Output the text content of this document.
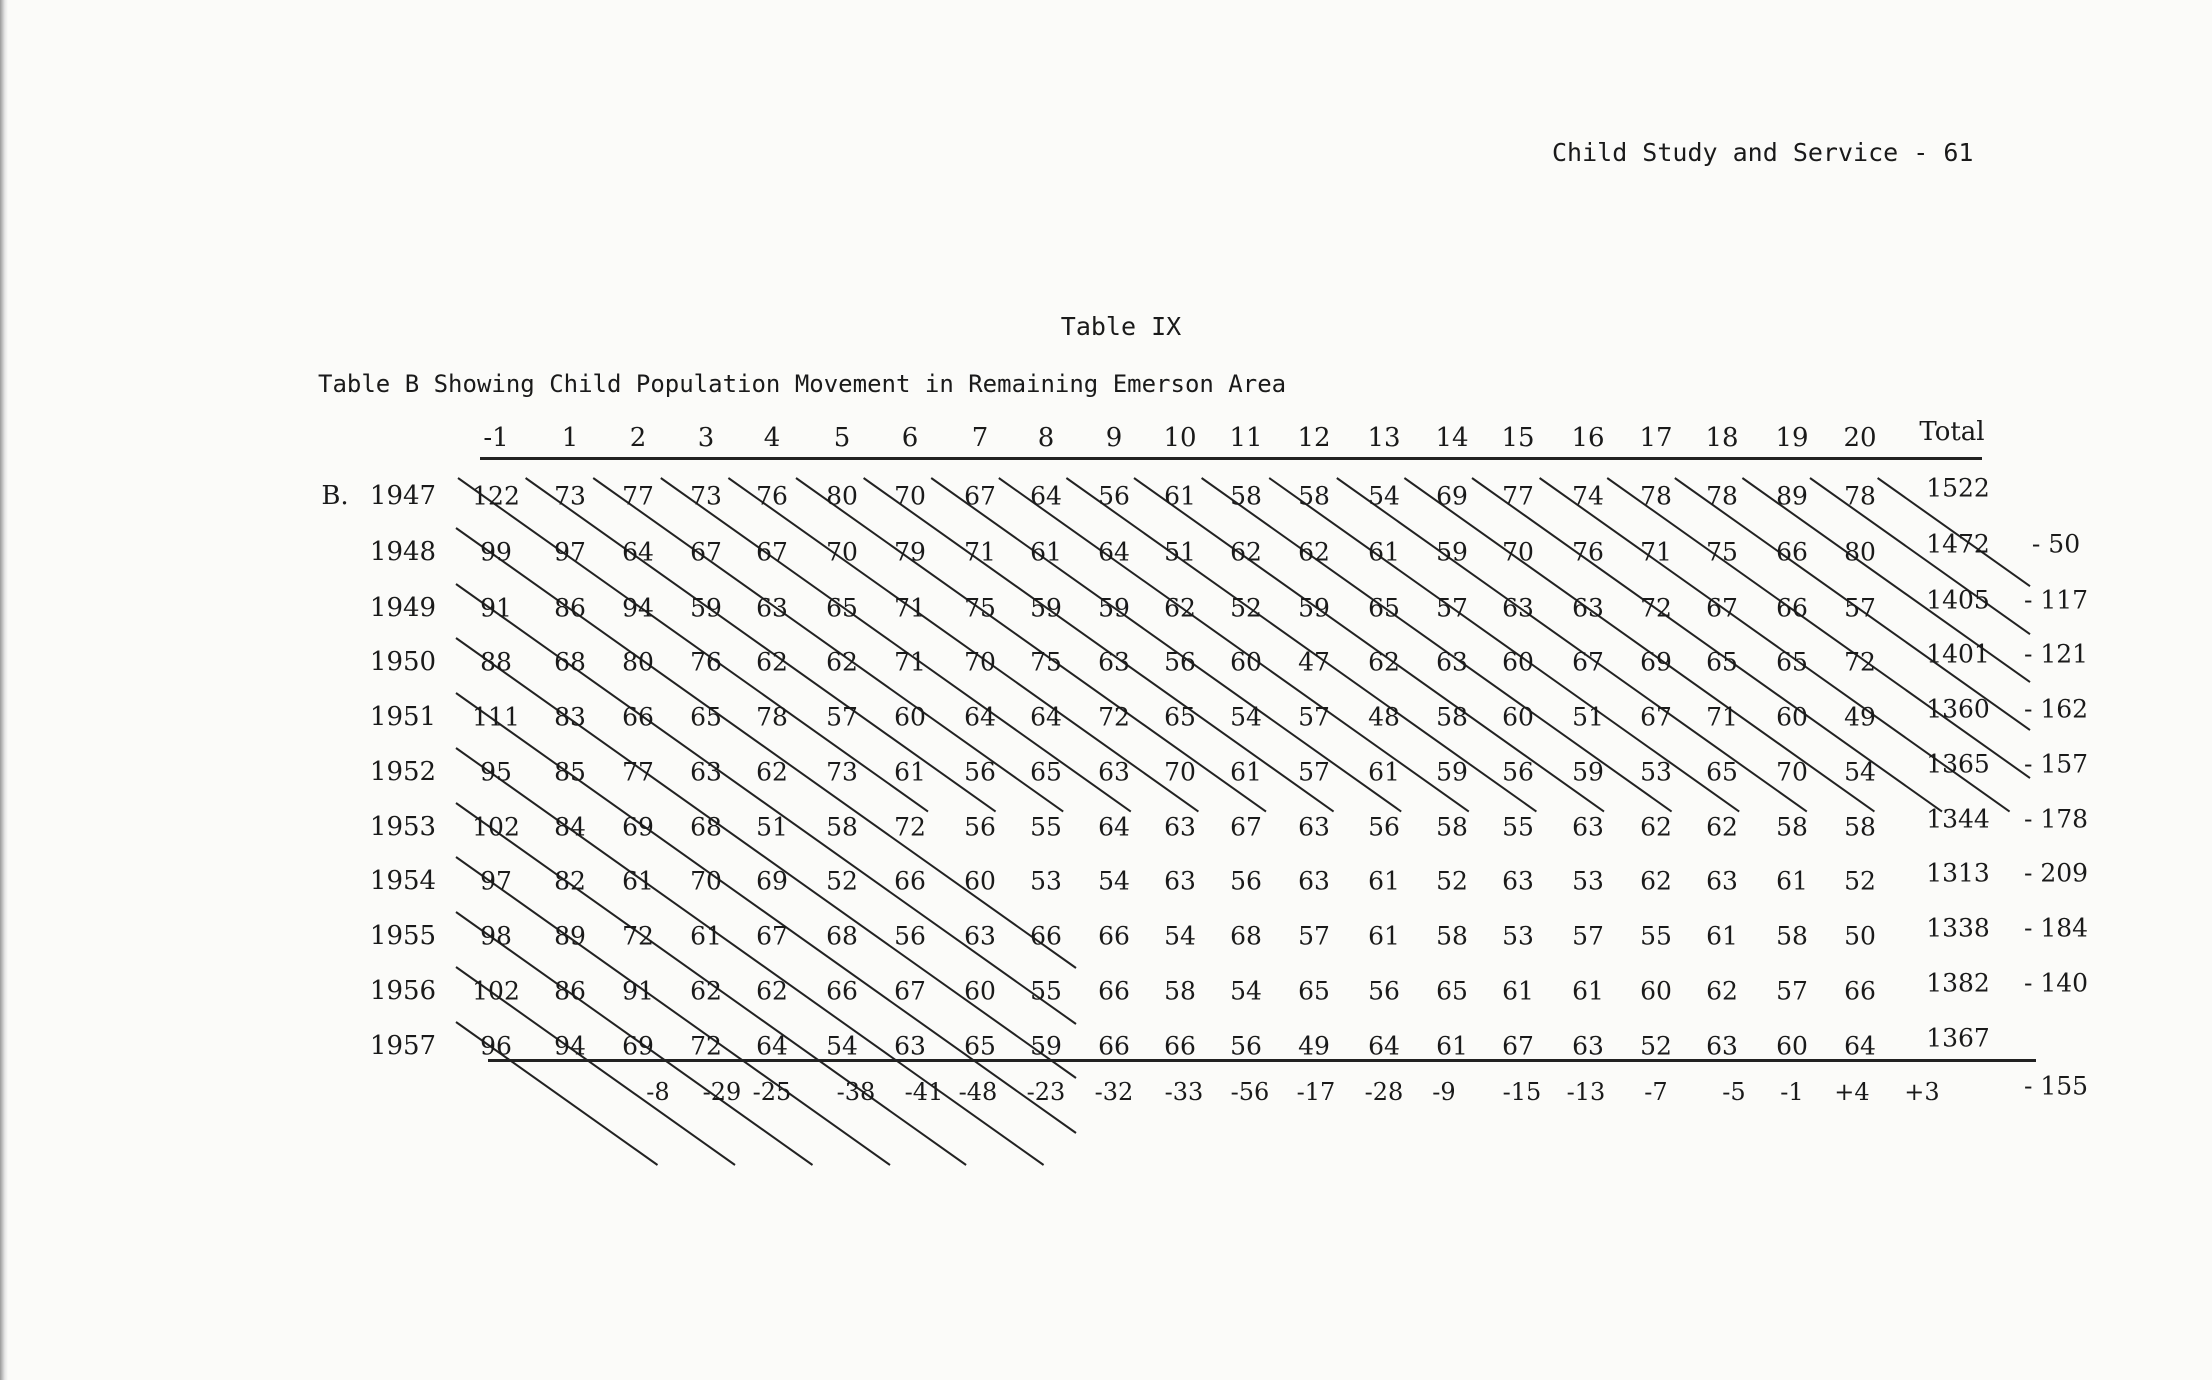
Child Study and Service - 61
Table IX
Table B Showing Child Population Movement in Remaining Emerson Area
-1 1 2 3 4 5 6 7 8 9 10 11 12 13 14 15 16 17 18 19 20 Total
B. 1947 122 73 77 73 76 80 70 67 64 56 61 58 58 54 69 77 74 78 78 89 78 1522
1948 99 97 64 67 67 70 79 71 61 64 51 62 62 61 59 70 76 71 75 66 80 1472 - 50
1949 91 86 94 59 63 65 71 75 59 59 62 52 59 65 57 63 63 72 67 66 57 1405 - 117
1950 88 68 80 76 62 62 71 70 75 63 56 60 47 62 63 60 67 69 65 65 72 1401 - 121
1951 111 83 66 65 78 57 60 64 64 72 65 54 57 48 58 60 51 67 71 60 49 1360 - 162
1952 95 85 77 63 62 73 61 56 65 63 70 61 57 61 59 56 59 53 65 70 54 1365 - 157
1953 102 84 69 68 51 58 72 56 55 64 63 67 63 56 58 55 63 62 62 58 58 1344 - 178
1954 97 82 61 70 69 52 66 60 53 54 63 56 63 61 52 63 53 62 63 61 52 1313 - 209
1955 98 89 72 61 67 68 56 63 66 66 54 68 57 61 58 53 57 55 61 58 50 1338 - 184
1956 102 86 91 62 62 66 67 60 55 66 58 54 65 56 65 61 61 60 62 57 66 1382 - 140
1957 96 94 69 72 64 54 63 65 59 66 66 56 49 64 61 67 63 52 63 60 64 1367
-8 -29 -25 -38 -41 -48 -23 -32 -33 -56 -17 -28 -9 -15 -13 -7 -5 -1 +4 +3	- 155
